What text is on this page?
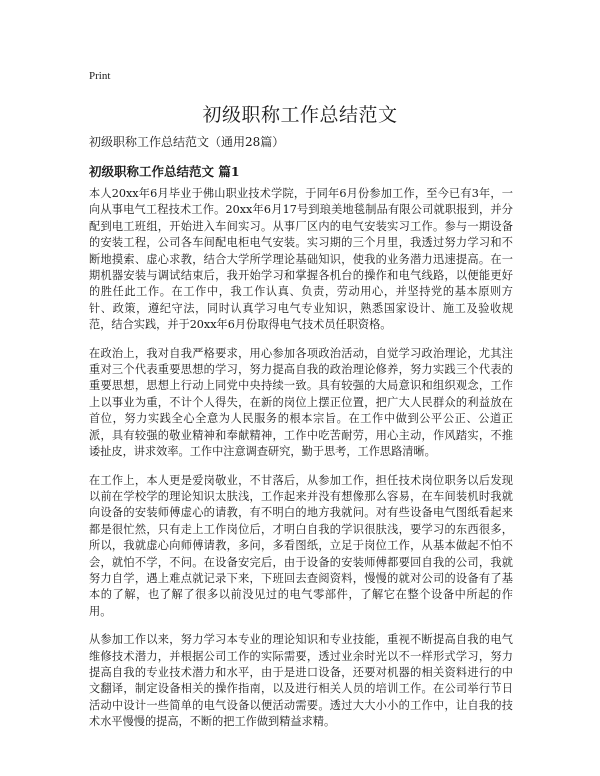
Print
初级职称工作总结范文

初级职称工作总结范文（通用28篇）

初级职称工作总结范文 篇1

本人20xx年6月毕业于佛山职业技术学院，于同年6月份参加工作，至今已有3年，一向从事电气工程技术工作。20xx年6月17号到琅美地毯制品有限公司就职报到，并分配到电工班组，开始进入车间实习。从事厂区内的电气安装实习工作。参与一期设备的安装工程，公司各车间配电柜电气安装。实习期的三个月里，我透过努力学习和不断地摸索、虚心求教，结合大学所学理论基础知识，使我的业务潜力迅速提高。在一期机器安装与调试结束后，我开始学习和掌握各机台的操作和电气线路，以便能更好的胜任此工作。在工作中，我工作认真、负责，劳动用心，并坚持党的基本原则方针、政策，遵纪守法，同时认真学习电气专业知识，熟悉国家设计、施工及验收规范，结合实践，并于20xx年6月份取得电气技术员任职资格。

在政治上，我对自我严格要求，用心参加各项政治活动，自觉学习政治理论，尤其注重对三个代表重要思想的学习，努力提高自我的政治理论修养，努力实践三个代表的重要思想，思想上行动上同党中央持续一致。具有较强的大局意识和组织观念，工作上以事业为重，不计个人得失，在新的岗位上摆正位置，把广大人民群众的利益放在首位，努力实践全心全意为人民服务的根本宗旨。在工作中做到公平公正、公道正派，具有较强的敬业精神和奉献精神，工作中吃苦耐劳，用心主动，作风踏实，不推诿扯皮，讲求效率。工作中注意调查研究，勤于思考，工作思路清晰。

在工作上，本人更是爱岗敬业，不甘落后，从参加工作，担任技术岗位职务以后发现以前在学校学的理论知识太肤浅，工作起来并没有想像那么容易，在车间装机时我就向设备的安装师傅虚心的请教，有不明白的地方我就问。对有些设备电气图纸看起来都是很忙然，只有走上工作岗位后，才明白自我的学识很肤浅，要学习的东西很多，所以，我就虚心向师傅请教，多问，多看图纸，立足于岗位工作，从基本做起不怕不会，就怕不学，不问。在设备安完后，由于设备的安装师傅都要回自我的公司，我就努力自学，遇上难点就记录下来，下班回去查阅资料，慢慢的就对公司的设备有了基本的了解，也了解了很多以前没见过的电气零部件，了解它在整个设备中所起的作用。

从参加工作以来，努力学习本专业的理论知识和专业技能，重视不断提高自我的电气维修技术潜力，并根据公司工作的实际需要，透过业余时光以不一样形式学习，努力提高自我的专业技术潜力和水平，由于是进口设备，还要对机器的相关资料进行的中文翻译，制定设备相关的操作指南，以及进行相关人员的培训工作。在公司举行节日活动中设计一些简单的电气设备以便活动需要。透过大大小小的工作中，让自我的技术水平慢慢的提高，不断的把工作做到精益求精。
